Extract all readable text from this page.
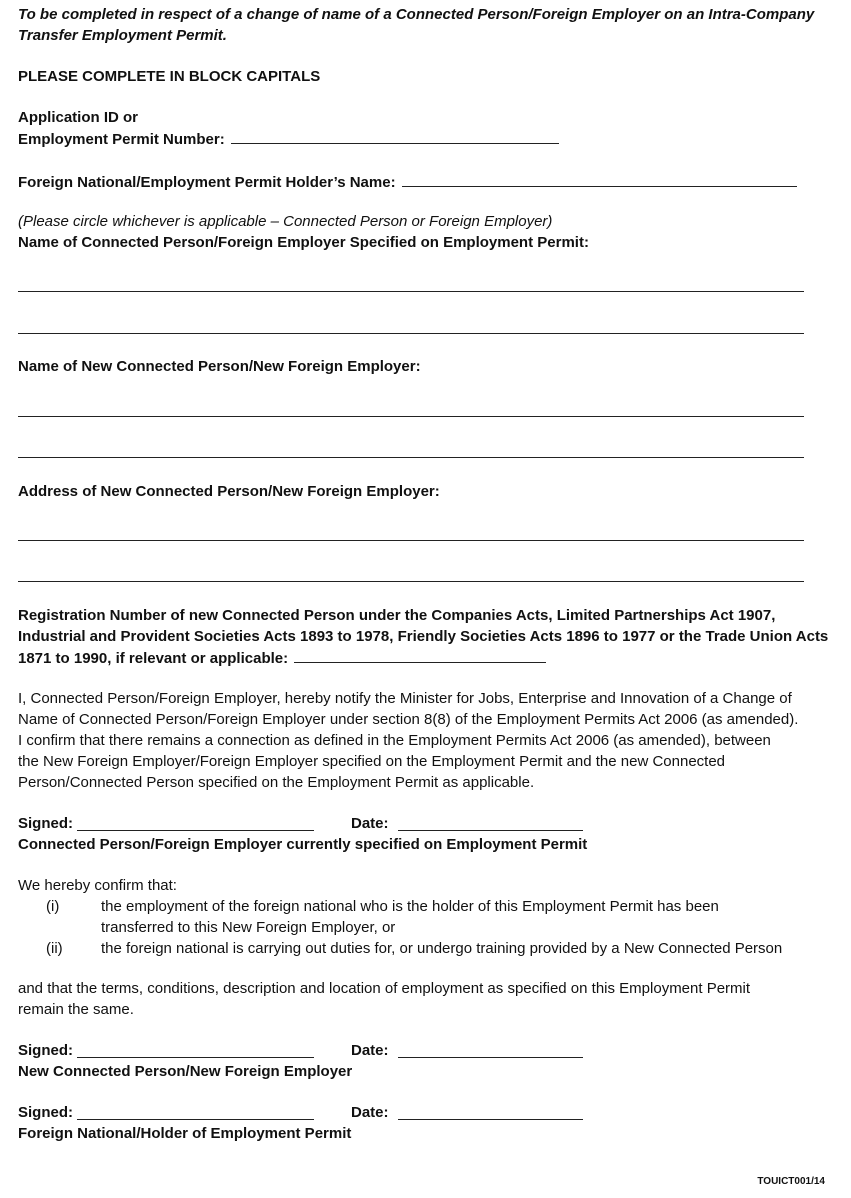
To be completed in respect of a change of name of a Connected Person/Foreign Employer on an Intra-Company
Transfer Employment Permit.
PLEASE COMPLETE IN BLOCK CAPITALS
Application ID or
Employment Permit Number:
Foreign National/Employment Permit Holder’s Name:
(Please circle whichever is applicable – Connected Person or Foreign Employer)
Name of Connected Person/Foreign Employer Specified on Employment Permit:
Name of New Connected Person/New Foreign Employer:
Address of New Connected Person/New Foreign Employer:
Registration Number of new Connected Person under the Companies Acts, Limited Partnerships Act 1907,
Industrial and Provident Societies Acts 1893 to 1978, Friendly Societies Acts 1896 to 1977 or the Trade Union Acts
1871 to 1990, if relevant or applicable:
I, Connected Person/Foreign Employer, hereby notify the Minister for Jobs, Enterprise and Innovation of a Change of
Name of Connected Person/Foreign Employer under section 8(8) of the Employment Permits Act 2006 (as amended).
I confirm that there remains a connection as defined in the Employment Permits Act 2006 (as amended), between
the New Foreign Employer/Foreign Employer specified on the Employment Permit and the new Connected
Person/Connected Person specified on the Employment Permit as applicable.
Signed:	Date:
Connected Person/Foreign Employer currently specified on Employment Permit
We hereby confirm that:
(i)	the employment of the foreign national who is the holder of this Employment Permit has been
transferred to this New Foreign Employer, or
(ii)	the foreign national is carrying out duties for, or undergo training provided by a New Connected Person
and that the terms, conditions, description and location of employment as specified on this Employment Permit
remain the same.
Signed:	Date:
New Connected Person/New Foreign Employer
Signed:	Date:
Foreign National/Holder of Employment Permit
TOUICT001/14
